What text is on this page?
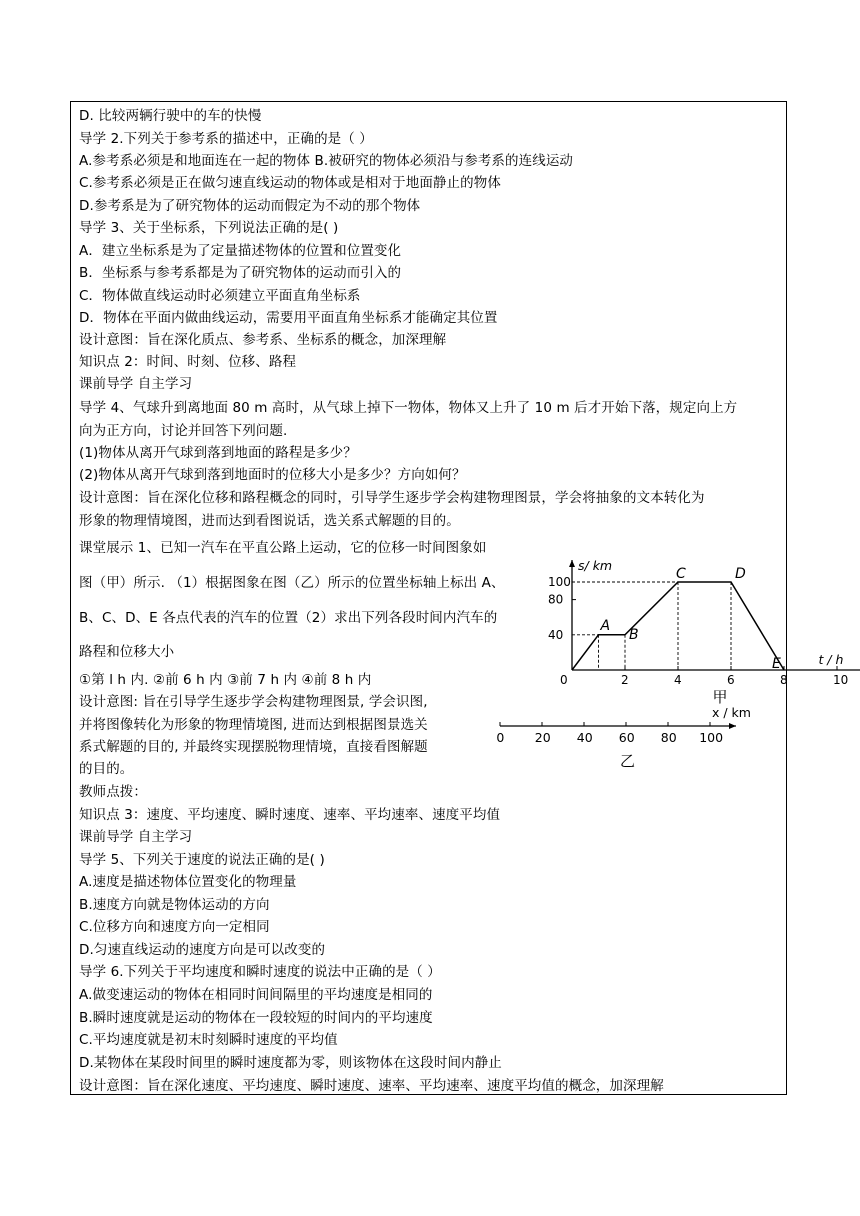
D. 比较两辆行驶中的车的快慢
导学 2.下列关于参考系的描述中，正确的是（ ）
A.参考系必须是和地面连在一起的物体 B.被研究的物体必须沿与参考系的连线运动
C.参考系必须是正在做匀速直线运动的物体或是相对于地面静止的物体
D.参考系是为了研究物体的运动而假定为不动的那个物体
导学 3、关于坐标系，下列说法正确的是( )
A．建立坐标系是为了定量描述物体的位置和位置变化
B．坐标系与参考系都是为了研究物体的运动而引入的
C．物体做直线运动时必须建立平面直角坐标系
D．物体在平面内做曲线运动，需要用平面直角坐标系才能确定其位置
设计意图：旨在深化质点、参考系、坐标系的概念，加深理解
知识点 2：时间、时刻、位移、路程
课前导学 自主学习
导学 4、气球升到离地面 80 m 高时，从气球上掉下一物体，物体又上升了 10 m 后才开始下落，规定向上方
向为正方向，讨论并回答下列问题.
(1)物体从离开气球到落到地面的路程是多少？
(2)物体从离开气球到落到地面时的位移大小是多少？方向如何？
设计意图：旨在深化位移和路程概念的同时，引导学生逐步学会构建物理图景，学会将抽象的文本转化为
形象的物理情境图，进而达到看图说话，选关系式解题的目的。
课堂展示 1、已知一汽车在平直公路上运动，它的位移一时间图象如
图（甲）所示. （1）根据图象在图（乙）所示的位置坐标轴上标出 A、
B、C、D、E 各点代表的汽车的位置（2）求出下列各段时间内汽车的
路程和位移大小
①第 l h 内. ②前 6 h 内 ③前 7 h 内 ④前 8 h 内
设计意图: 旨在引导学生逐步学会构建物理图景, 学会识图,
并将图像转化为形象的物理情境图, 进而达到根据图景选关
系式解题的目的, 并最终实现摆脱物理情境，直接看图解题
的目的。
教师点拨：
知识点 3：速度、平均速度、瞬时速度、速率、平均速率、速度平均值
课前导学 自主学习
导学 5、下列关于速度的说法正确的是( )
A.速度是描述物体位置变化的物理量
B.速度方向就是物体运动的方向
C.位移方向和速度方向一定相同
D.匀速直线运动的速度方向是可以改变的
导学 6.下列关于平均速度和瞬时速度的说法中正确的是（ ）
A.做变速运动的物体在相同时间间隔里的平均速度是相同的
B.瞬时速度就是运动的物体在一段较短的时间内的平均速度
C.平均速度就是初末时刻瞬时速度的平均值
D.某物体在某段时间里的瞬时速度都为零，则该物体在这段时间内静止
设计意图：旨在深化速度、平均速度、瞬时速度、速率、平均速率、速度平均值的概念，加深理解
A
B
C	D
E
0	2	4	6	8	10
40
80
100
s/ km
t / h
甲
0 20 40 60 80 100
x / km
乙
